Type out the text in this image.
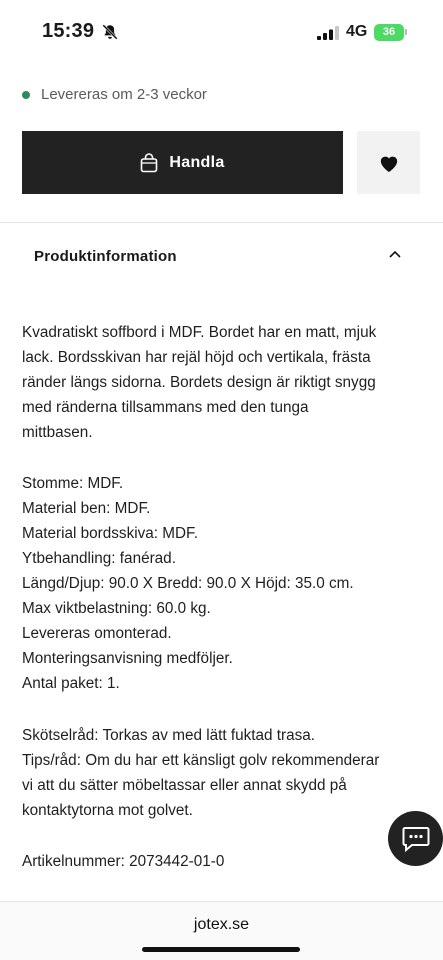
15:39	4G	36
Levereras om 2-3 veckor
Handla
Produktinformation
Kvadratiskt soffbord i MDF. Bordet har en matt, mjuk
lack. Bordsskivan har rejäl höjd och vertikala, frästa
ränder längs sidorna. Bordets design är riktigt snygg
med ränderna tillsammans med den tunga
mittbasen.
Stomme: MDF.
Material ben: MDF.
Material bordsskiva: MDF.
Ytbehandling: fanérad.
Längd/Djup: 90.0 X Bredd: 90.0 X Höjd: 35.0 cm.
Max viktbelastning: 60.0 kg.
Levereras omonterad.
Monteringsanvisning medföljer.
Antal paket: 1.
Skötselråd: Torkas av med lätt fuktad trasa.
Tips/råd: Om du har ett känsligt golv rekommenderar
vi att du sätter möbeltassar eller annat skydd på
kontaktytorna mot golvet.
Artikelnummer: 2073442-01-0
jotex.se
